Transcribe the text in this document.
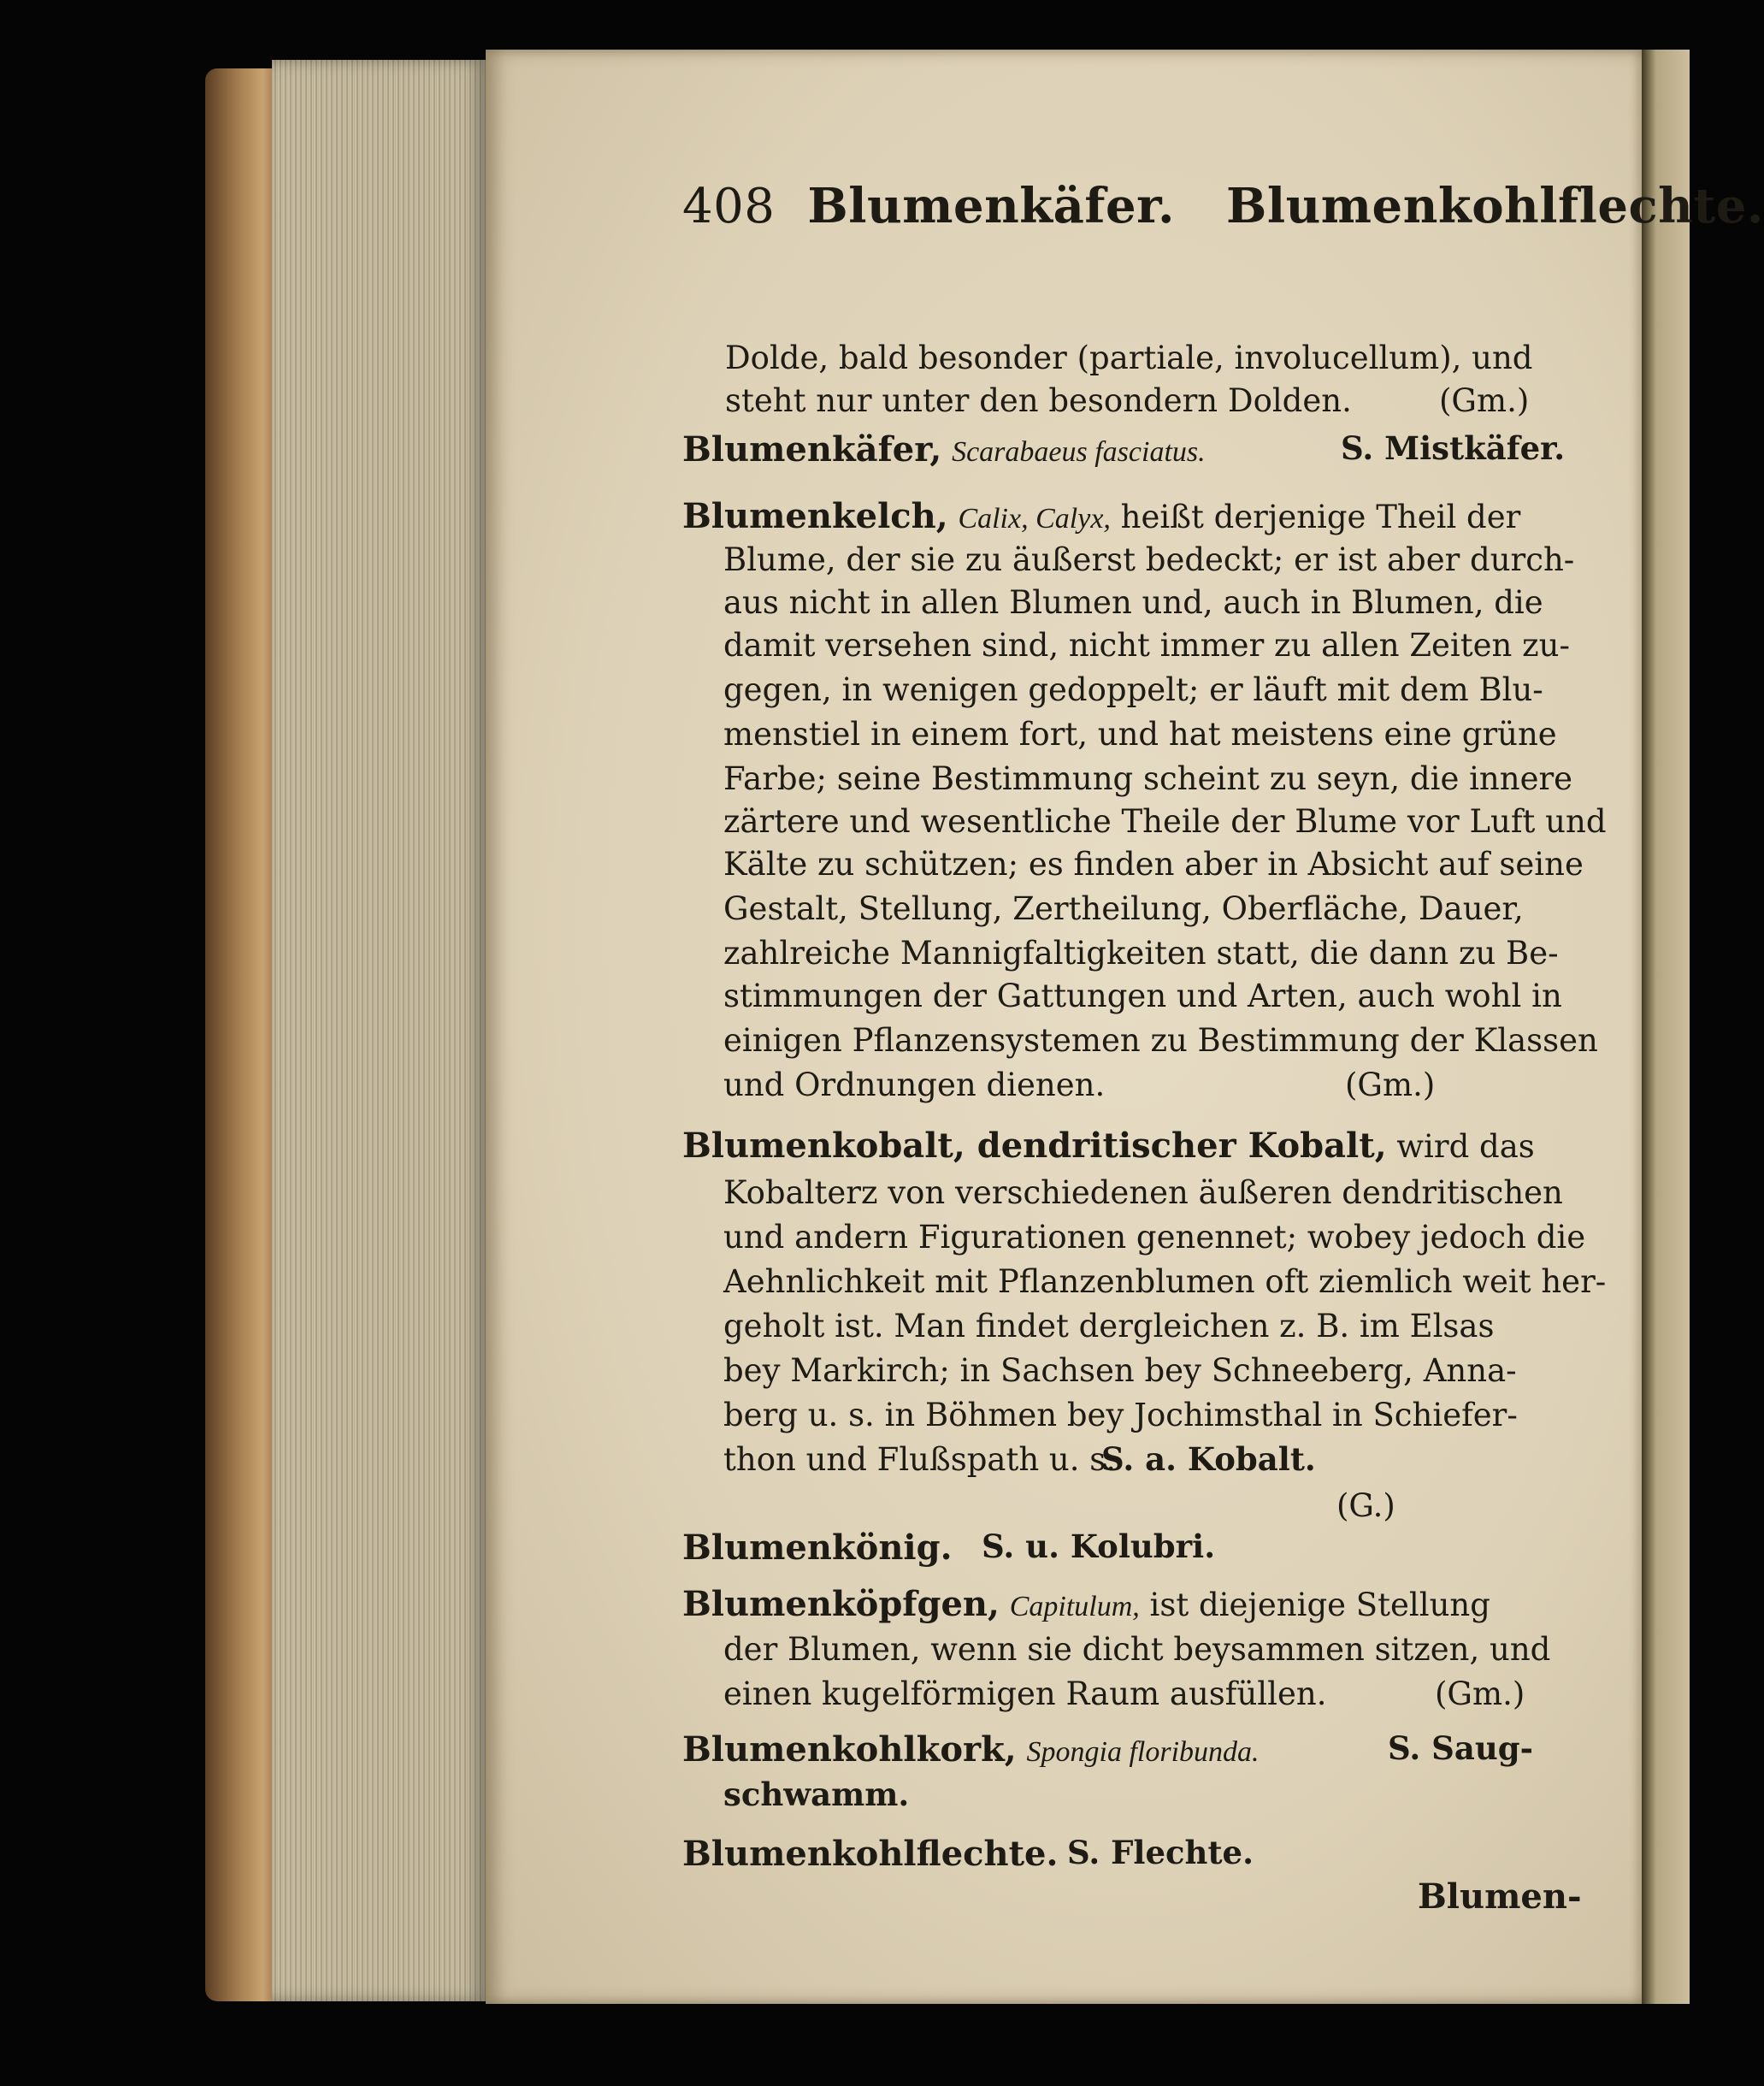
408 Blumenkäfer. Blumenkohlflechte.
Dolde, bald besonder (partiale, involucellum), und
steht nur unter den besondern Dolden.	(Gm.)
Blumenkäfer, Scarabaeus fasciatus.	S. Mistkäfer.
Blumenkelch, Calix, Calyx, heißt derjenige Theil der
Blume, der sie zu äußerst bedeckt; er ist aber durch-
aus nicht in allen Blumen und, auch in Blumen, die
damit versehen sind, nicht immer zu allen Zeiten zu-
gegen, in wenigen gedoppelt; er läuft mit dem Blu-
menstiel in einem fort, und hat meistens eine grüne
Farbe; seine Bestimmung scheint zu seyn, die innere
zärtere und wesentliche Theile der Blume vor Luft und
Kälte zu schützen; es finden aber in Absicht auf seine
Gestalt, Stellung, Zertheilung, Oberfläche, Dauer,
zahlreiche Mannigfaltigkeiten statt, die dann zu Be-
stimmungen der Gattungen und Arten, auch wohl in
einigen Pflanzensystemen zu Bestimmung der Klassen
und Ordnungen dienen.	(Gm.)
Blumenkobalt, dendritischer Kobalt, wird das
Kobalterz von verschiedenen äußeren dendritischen
und andern Figurationen genennet; wobey jedoch die
Aehnlichkeit mit Pflanzenblumen oft ziemlich weit her-
geholt ist. Man findet dergleichen z. B. im Elsas
bey Markirch; in Sachsen bey Schneeberg, Anna-
berg u. s. in Böhmen bey Jochimsthal in Schiefer-
thon und Flußspath u. s.
S. a. Kobalt.
(G.)
Blumenkönig. S. u. Kolubri.
Blumenköpfgen, Capitulum, ist diejenige Stellung
der Blumen, wenn sie dicht beysammen sitzen, und
einen kugelförmigen Raum ausfüllen.	(Gm.)
Blumenkohlkork, Spongia floribunda.	S. Saug-
schwamm.
Blumenkohlflechte. S. Flechte.
Blumen-
